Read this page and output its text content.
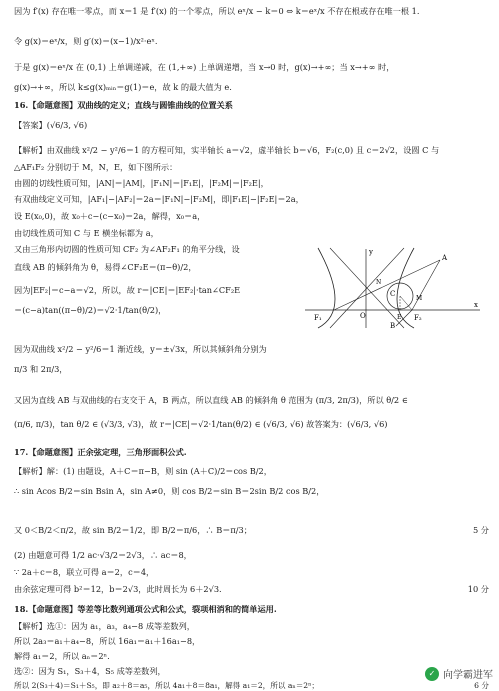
因为 f′(x) 存在唯一零点，而 x＝1 是 f′(x) 的一个零点，所以 eˣ/x − k＝0 ⇔ k＝eˣ/x 不存在根或存在唯一根 1.
令 g(x)＝eˣ/x，则 g′(x)＝(x−1)/x²·eˣ.
于是 g(x)＝eˣ/x 在 (0,1) 上单调递减，在 (1,+∞) 上单调递增，当 x→0 时，g(x)→+∞；当 x→+∞ 时，
g(x)→+∞，所以 k≤g(x)ₘᵢₙ＝g(1)＝e，故 k 的最大值为 e.
16.【命题意图】双曲线的定义；直线与圆锥曲线的位置关系
【答案】(√6/3, √6)
【解析】由双曲线 x²/2 − y²/6＝1 的方程可知，实半轴长 a＝√2，虚半轴长 b＝√6，F₂(c,0) 且 c＝2√2，设圆 C 与
△AF₁F₂ 分别切于 M，N，E，如下图所示：
由圆的切线性质可知，|AN|＝|AM|，|F₁N|＝|F₁E|，|F₂M|＝|F₂E|，
有双曲线定义可知，|AF₁|−|AF₂|＝2a＝|F₁N|−|F₂M|，即|F₁E|−|F₂E|＝2a，
设 E(x₀,0)，故 x₀＋c−(c−x₀)＝2a，解得，x₀＝a，
由切线性质可知 C 与 E 横坐标都为 a，
又由三角形内切圆的性质可知 CF₂ 为∠AF₂F₁ 的角平分线，设
直线 AB 的倾斜角为 θ，易得∠CF₂E＝(π−θ)/2，
因为|EF₂|＝c−a＝√2，所以，故 r＝|CE|＝|EF₂|·tan∠CF₂E
＝(c−a)tan((π−θ)/2)＝√2·1/tan(θ/2)，
因为双曲线 x²/2 − y²/6＝1 渐近线，y＝±√3x，所以其倾斜角分别为
π/3 和 2π/3，
又因为直线 AB 与双曲线的右支交于 A，B 两点，所以直线 AB 的倾斜角 θ 范围为 (π/3, 2π/3)，所以 θ/2 ∈
(π/6, π/3)，tan θ/2 ∈ (√3/3, √3)，故 r＝|CE|＝√2·1/tan(θ/2) ∈ (√6/3, √6) 故答案为：(√6/3, √6)
17.【命题意图】正余弦定理，三角形面积公式.
【解析】解：(1) 由题设，A＋C＝π−B，则 sin (A＋C)/2＝cos B/2，
∴ sin Acos B/2＝sin Bsin A，sin A≠0，则 cos B/2＝sin B＝2sin B/2 cos B/2，
又 0＜B/2＜π/2，故 sin B/2＝1/2，即 B/2＝π/6，∴ B＝π/3；	5 分
(2) 由题意可得 1/2 ac·√3/2＝2√3，∴ ac＝8，
∵ 2a＋c＝8，联立可得 a＝2，c＝4，
由余弦定理可得 b²＝12，b＝2√3，此时周长为 6＋2√3.	10 分
18.【命题意图】等差等比数列通项公式和公式，裂项相消和的简单运用.
【解析】选①：因为 a₁，a₃，a₄−8 成等差数列，
所以 2a₃＝a₁＋a₄−8，所以 16a₁＝a₁＋16a₁−8，
解得 a₁＝2，所以 aₙ＝2ⁿ.
选②：因为 S₁，S₃＋4，S₅ 成等差数列，
所以 2(S₃＋4)＝S₁＋S₅，即 a₂＋8＝a₅，所以 4a₁＋8＝8a₁，解得 a₁＝2，所以 aₙ＝2ⁿ；	6 分
A
B
C
M
N
E
F₁	F₂
O
x
y
✓ 向学霸进军
